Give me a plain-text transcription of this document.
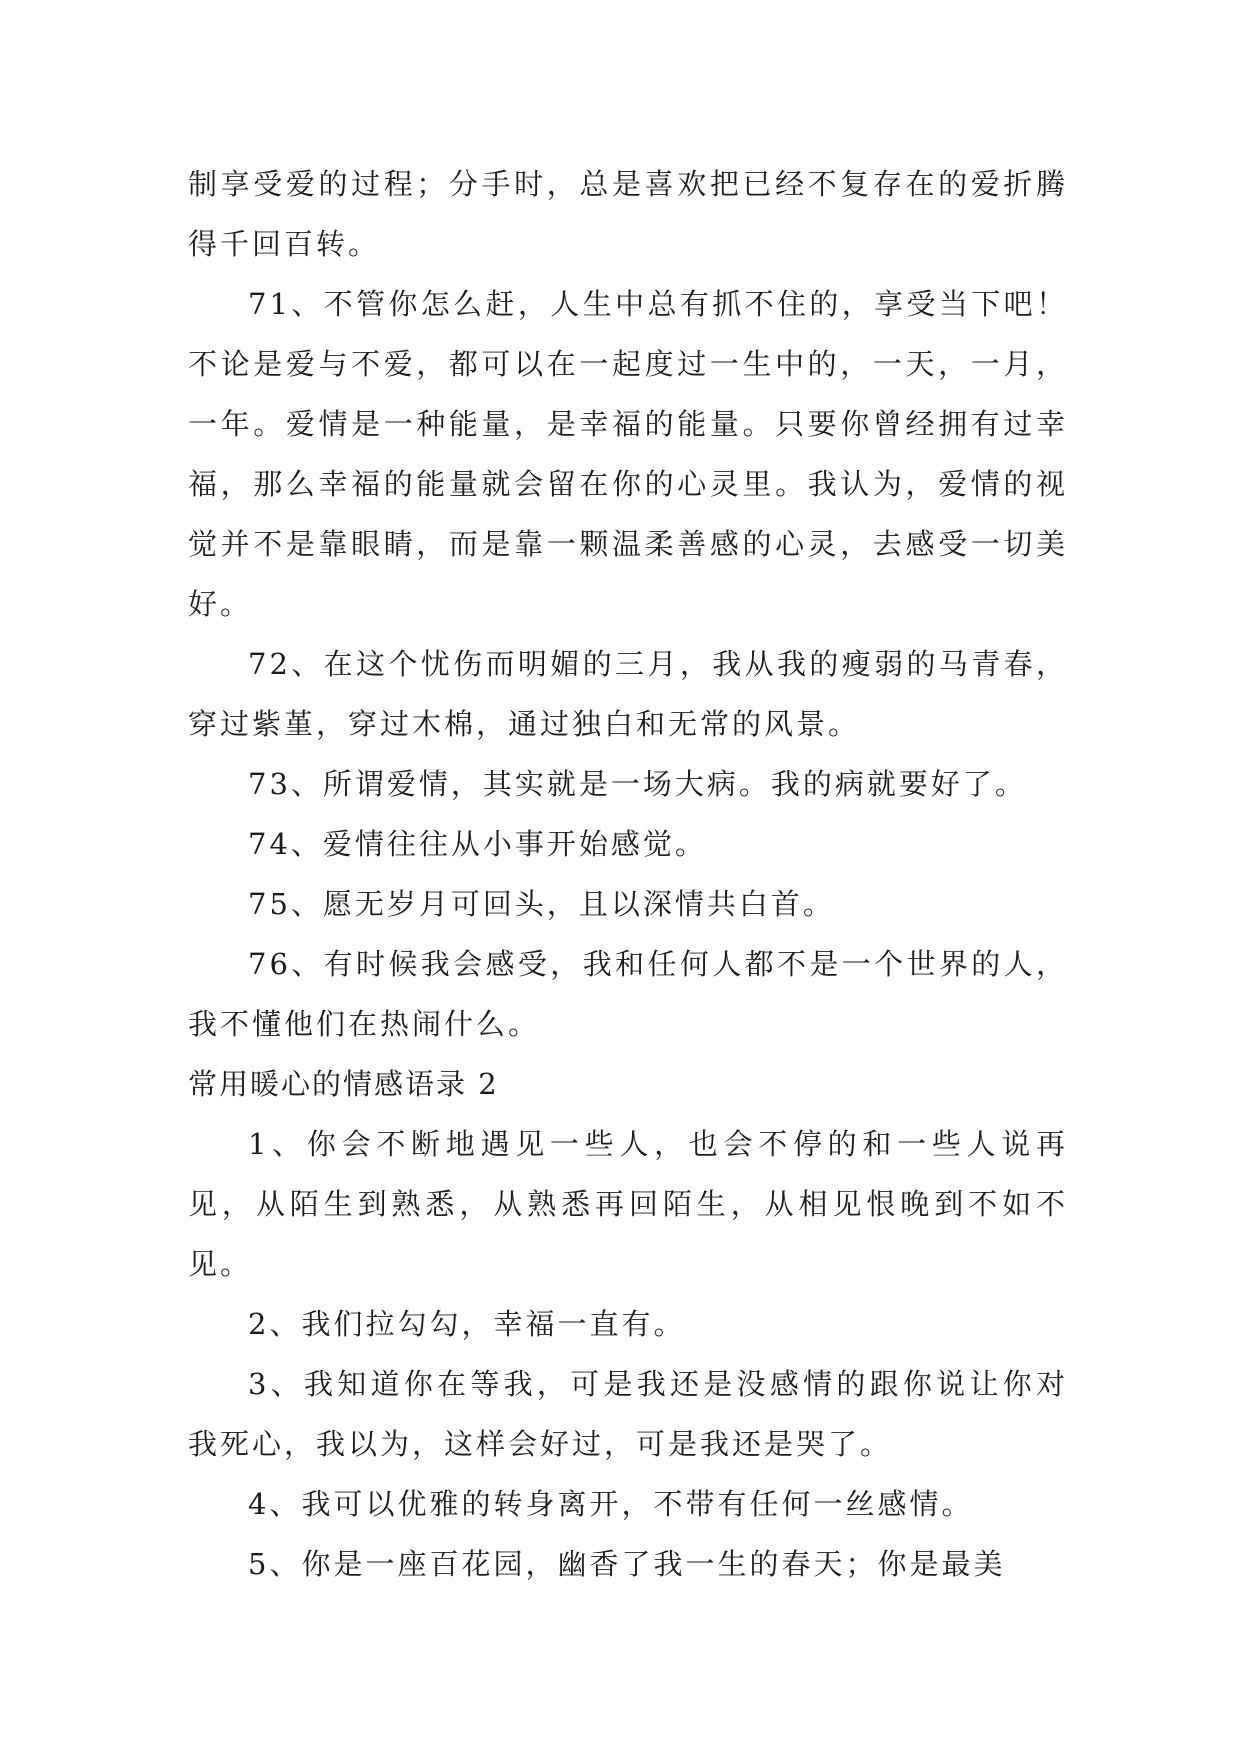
制享受爱的过程；分手时，总是喜欢把已经不复存在的爱折腾得千回百转。

71、不管你怎么赶，人生中总有抓不住的，享受当下吧！不论是爱与不爱，都可以在一起度过一生中的，一天，一月，一年。爱情是一种能量，是幸福的能量。只要你曾经拥有过幸福，那么幸福的能量就会留在你的心灵里。我认为，爱情的视觉并不是靠眼睛，而是靠一颗温柔善感的心灵，去感受一切美好。

72、在这个忧伤而明媚的三月，我从我的瘦弱的马青春，穿过紫堇，穿过木棉，通过独白和无常的风景。

73、所谓爱情，其实就是一场大病。我的病就要好了。

74、爱情往往从小事开始感觉。

75、愿无岁月可回头，且以深情共白首。

76、有时候我会感受，我和任何人都不是一个世界的人，我不懂他们在热闹什么。

常用暖心的情感语录 2

1、你会不断地遇见一些人，也会不停的和一些人说再见，从陌生到熟悉，从熟悉再回陌生，从相见恨晚到不如不见。

2、我们拉勾勾，幸福一直有。

3、我知道你在等我，可是我还是没感情的跟你说让你对我死心，我以为，这样会好过，可是我还是哭了。

4、我可以优雅的转身离开，不带有任何一丝感情。

5、你是一座百花园，幽香了我一生的春天；你是最美
